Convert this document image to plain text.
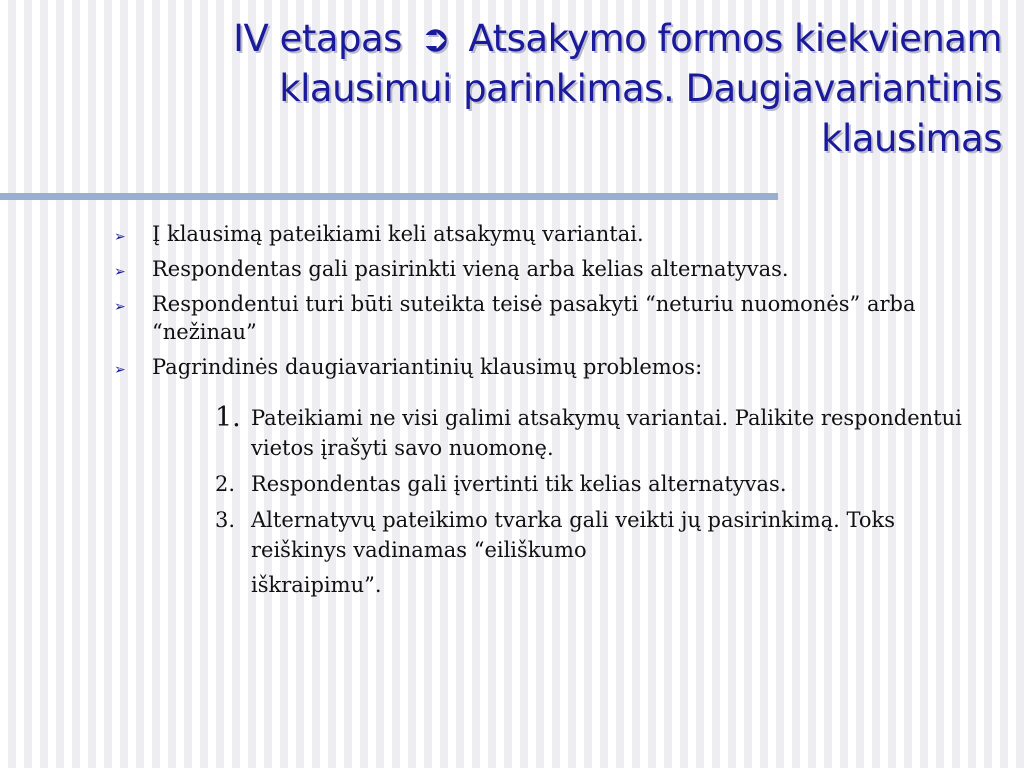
IV etapas ➲ Atsakymo formos kiekvienam
klausimui parinkimas. Daugiavariantinis
klausimas
➢ Į klausimą pateikiami keli atsakymų variantai.
➢ Respondentas gali pasirinkti vieną arba kelias alternatyvas.
➢ Respondentui turi būti suteikta teisė pasakyti “neturiu nuomonės” arba “nežinau”
➢ Pagrindinės daugiavariantinių klausimų problemos:
1. Pateikiami ne visi galimi atsakymų variantai. Palikite respondentui vietos įrašyti savo nuomonę.
2. Respondentas gali įvertinti tik kelias alternatyvas.
3. Alternatyvų pateikimo tvarka gali veikti jų pasirinkimą. Toks reiškinys vadinamas “eiliškumo
iškraipimu”.
